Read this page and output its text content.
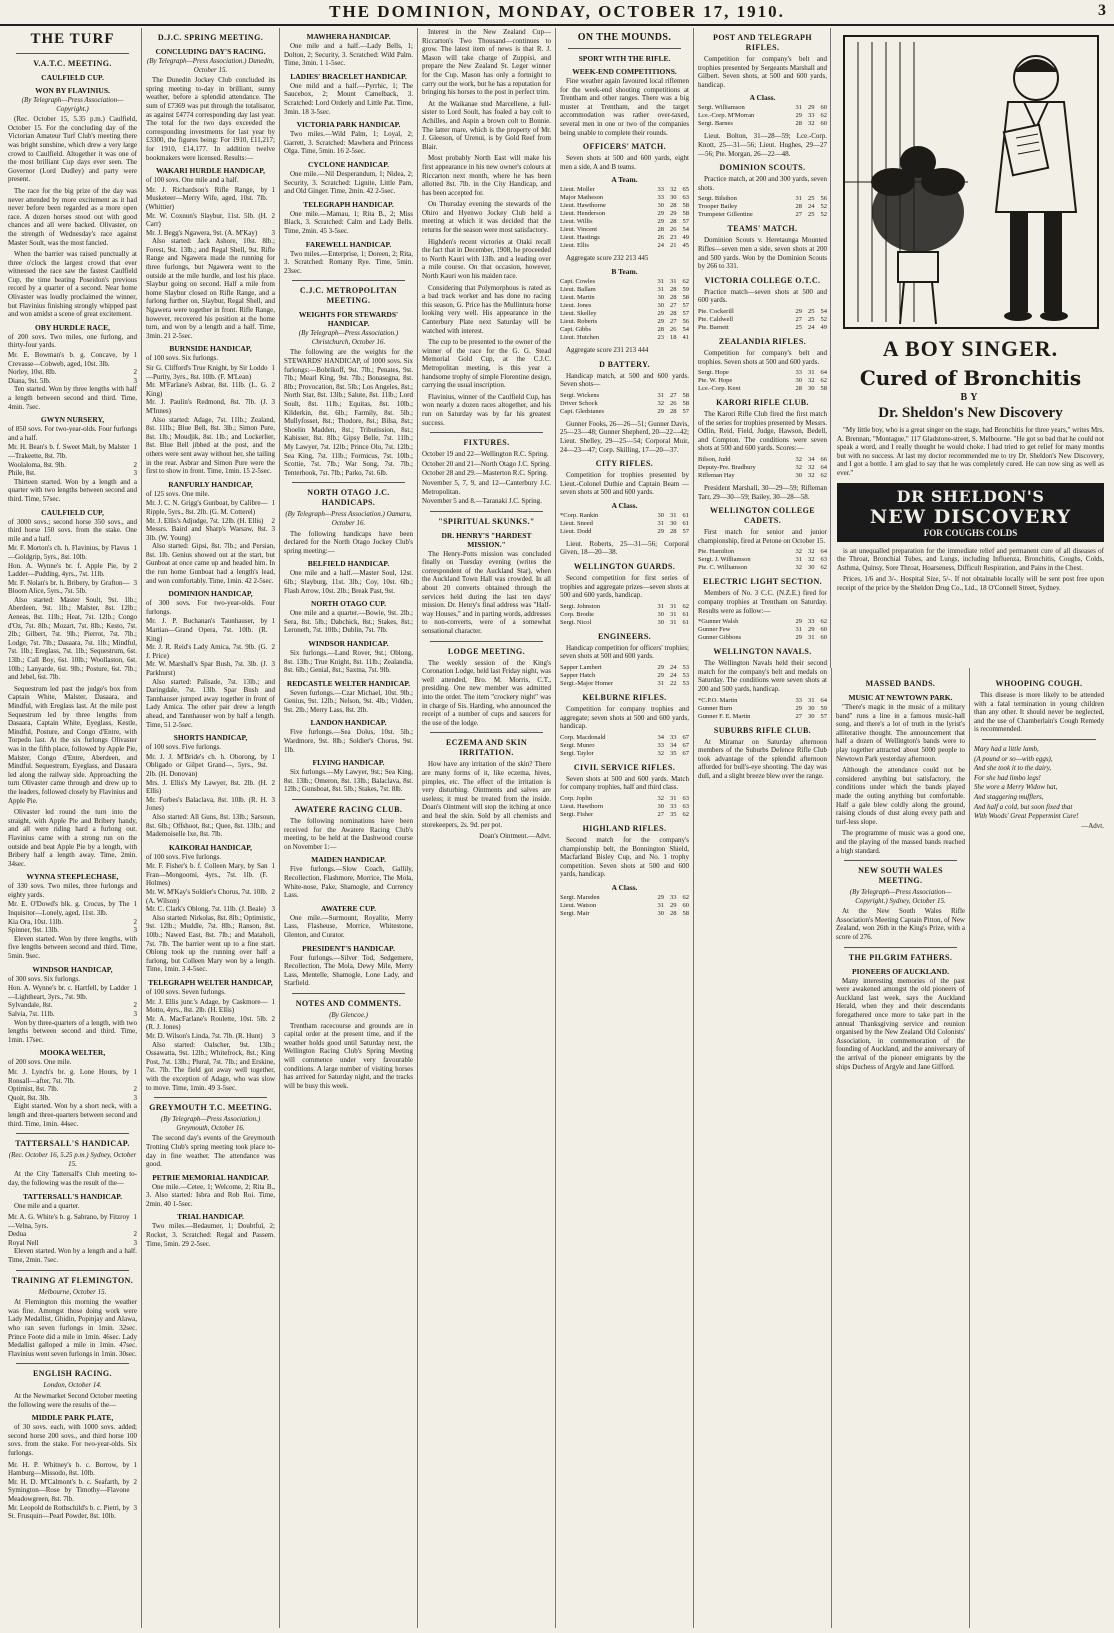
THE DOMINION, MONDAY, OCTOBER 17, 1910.	3
THE TURF
V.A.T.C. MEETING.
CAULFIELD CUP.
WON BY FLAVINIUS.

(By Telegraph—Press Association—Copyright.)

(Rec. October 15, 5.35 p.m.) Caulfield, October 15. For the concluding day of the Victorian Amateur Turf Club's meeting there was bright sunshine, which drew a very large crowd to Caulfield. Altogether it was one of the most brilliant Cup days ever seen. The Governor (Lord Dudley) and party were present.

The race for the big prize of the day was never attended by more excitement as it had never before been regarded as a more open race. A dozen horses stood out with good chances and all were backed. Olivaster, on the strength of Wednesday's race against Master Soult, was the most fancied.

When the barrier was raised punctually at three o'clock the largest crowd that ever witnessed the race saw the fastest Caulfield Cup, the time beating Poseidon's previous record by a quarter of a second. Near home Olivaster was loudly proclaimed the winner, but Flavinius finishing strongly whipped past and won amidst a scene of great excitement.

OBY HURDLE RACE,

of 200 sovs. Two miles, one furlong, and thirty-four yards.

Mr. E. Bowman's b. g. Concave, by Crevasse—Cobweb, aged, 10st. 3lb.
1
Norley, 10st. 8lb.	2
Diana, 9st. 5lb.	3

Ten started. Won by three lengths with half a length between second and third. Time, 4min. 7sec.

GWYN NURSERY,

of 850 sovs. For two-year-olds. Four furlongs and a half.

Mr. H. Bean's b. f. Sweet Malt, by Malster—Trakeette, 8st. 7lb.
1
Woolaloma, 8st. 9lb.	2
Phile, 8st.	3

Thirteen started. Won by a length and a quarter with two lengths between second and third. Time, 57sec.

CAULFIELD CUP,

of 3000 sovs.; second horse 350 sovs., and third horse 150 sovs. from the stake. One mile and a half.

Mr. F. Morton's ch. h. Flavinius, by Flavus—Goldgrip, 5yrs., 8st. 10lb.
1
Hon. A. Wynne's br. f. Apple Pie, by Ladder—Pudding, 4yrs., 7st. 11lb.
2
Mr. F. Nolan's br. h. Bribery, by Grafton—Bloom Alice, 5yrs., 7st. 5lb.
3

Also started: Master Soult, 9st. 1lb.; Aberdeen, 9st. 1lb.; Malster, 8st. 12lb.; Aeneas, 8st. 11lb.; Heat, 7st. 12lb.; Congo d'Oz, 7st. 8lb.; Mozart, 7st. 8lb.; Kesto, 7st. 2lb.; Gilbert, 7st. 9lb.; Pierrot, 7st. 7lb.; Lodge, 7st. 7lb.; Dasaara, 7st. 1lb.; Mindful, 7st. 1lb.; Ereglass, 7st. 1lb.; Sequestrum, 6st. 13lb.; Call Boy, 6st. 10lb.; Woollaston, 6st. 10lb.; Lanyarde, 6st. 9lb.; Posture, 6st. 7lb.; and Jebel, 6st. 7lb.

Sequestrum led past the judge's box from Captain White, Malster, Dasaara, and Mindful, with Ereglass last. At the mile post Sequestrum led by three lengths from Dasaara, Captain White, Eyeglass, Kestle, Mindful, Posture, and Congo d'Entre, with Torpedo last. At the six furlongs Olivaster was in the fifth place, followed by Apple Pie, Malster, Congo d'Entre, Aberdeen, and Mindful. Sequestrum, Eyeglass, and Dasaara led along the railway side. Approaching the turn Olivaster came through and drew up to the leaders, followed closely by Flavinius and Apple Pie.

Olivaster led round the turn into the straight, with Apple Pie and Bribery handy, and all were riding hard a furlong out. Flavinius came with a strong run on the outside and beat Apple Pie by a length, with Bribery half a length away. Time, 2min. 34sec.

WYNNA STEEPLECHASE,

of 330 sovs. Two miles, three furlongs and eighty yards.

Mr. E. O'Dowd's blk. g. Crocus, by The Inquisitor—Lonely, aged, 11st. 3lb.
1
Kia Ora, 10st. 11lb.	2
Spinner, 9st. 13lb.	3

Eleven started. Won by three lengths, with five lengths between second and third. Time, 5min. 9sec.

WINDSOR HANDICAP,

of 300 sovs. Six furlongs.

Hon. A. Wynne's br. c. Hartfell, by Ladder—Lightheart, 3yrs., 7st. 9lb.
1
Sylvandale, 8st.	2
Salvia, 7st. 11lb.	3

Won by three-quarters of a length, with two lengths between second and third. Time, 1min. 17sec.

MOOKA WELTER,

of 200 sovs. One mile.

Mr. J. Lynch's br. g. Lone Hours, by Ronsall—after, 7st. 7lb.
1
Optimist, 8st. 7lb.	2
Quoit, 8st. 3lb.	3

Eight started. Won by a short neck, with a length and three-quarters between second and third. Time, 1min. 44sec.

TATTERSALL'S HANDICAP.

(Rec. October 16, 5.25 p.m.) Sydney, October 15.

At the City Tattersall's Club meeting to-day, the following was the result of the—

TATTERSALL'S HANDICAP.

One mile and a quarter.

Mr. A. G. White's b. g. Sabrano, by Fitzroy—Velna, 5yrs.
1
Dedua	2
Royal Nell	3

Eleven started. Won by a length and a half. Time, 2min. 7sec.

TRAINING AT FLEMINGTON.

Melbourne, October 15.

At Flemington this morning the weather was fine. Amongst those doing work were Lady Medallist, Ghidin, Popinjay and Alawa, who ran seven furlongs in 1min. 32sec. Prince Foote did a mile in 1min. 46sec. Lady Medallist galloped a mile in 1min. 47sec. Flavinius went seven furlongs in 1min. 30sec.

ENGLISH RACING.

London, October 14.

At the Newmarket Second October meeting the following were the results of the—

MIDDLE PARK PLATE,

of 30 sovs. each, with 1000 sovs. added; second horse 200 sovs., and third horse 100 sovs. from the stake. For two-year-olds. Six furlongs.

Mr. H. P. Whitney's b. c. Borrow, by Hamburg—Missodo, 8st. 10lb.
1
Mr. H. D. M'Calmont's b. c. Seafarth, by Symington—Rose by Timothy—Flavone Meadowgreen, 8st. 7lb.
2
Mr. Leopold de Rothschild's b. c. Pietri, by St. Frusquin—Pearl Powder, 8st. 10lb.
3
D.J.C. SPRING MEETING.
CONCLUDING DAY'S RACING.

(By Telegraph—Press Association.) Dunedin, October 15.

The Dunedin Jockey Club concluded its spring meeting to-day in brilliant, sunny weather, before a splendid attendance. The sum of £7369 was put through the totalisator, as against £4774 corresponding day last year. The total for the two days exceeded the corresponding investments for last year by £3300, the figures being: For 1910, £11,217; for 1910, £14,177. In addition twelve bookmakers were licensed. Results:—

WAKARI HURDLE HANDICAP,

of 100 sovs. One mile and a half.

Mr. J. Richardson's Rifle Range, by Musketeer—Merry Wife, aged, 10st. 7lb. (Whittier)
1
Mr. W. Coxnun's Slaybur, 11st. 5lb. (H. Carr)
2
Mr. J. Begg's Ngawera, 9st. (A. M'Kay)	3

Also started: Jack Ashore, 10st. 8lb.; Forest, 9st. 13lb.; and Regal Shell, 9st. Rifle Range and Ngawera made the running for three furlongs, but Ngawera went to the outside at the mile hurdle, and lost his place. Slaybur going on second. Half a mile from home Slaybur closed on Rifle Range, and a furlong further on, Slaybur, Regal Shell, and Ngawera were together in front. Rifle Range, however, recovered his position at the home turn, and won by a length and a half. Time, 3min. 21 2-5sec.

BURNSIDE HANDICAP,

of 100 sovs. Six furlongs.

Sir G. Clifford's True Knight, by Sir Loddo—Purity, 3yrs., 8st. 10lb. (F. M'Lean)
1
Mr. M'Farlane's Asbrar, 8st. 11lb. (L. G. King)
2
Mr. J. Paulin's Redmond, 8st. 7lb. (J. M'Innes)
3

Also started: Adage, 7st. 11lb.; Zealand, 8st. 11lb.; Blue Bell, 8st. 3lb.; Simon Pure, 8st. 1lb.; Moudjik, 8st. 1lb.; and Lockerlier, 8st. Blue Bell jibbed at the post, and the others were sent away without her, she tailing in the rear. Asbrar and Simon Pure were the first to show in front. Time, 1min. 15 2-5sec.

RANFURLY HANDICAP,

of 125 sovs. One mile.

Mr. J. C. N. Grigg's Gunboat, by Calibre—Ripple, 5yrs., 8st. 2lb. (G. M. Cotterel)
1
Mr. J. Ellis's Adjudge, 7st. 12lb. (H. Ellis)	2
Messrs. Baird and Sharp's Warsaw, 8st. 3lb. (W. Young)
3

Also started: Gipsi, 8st. 7lb.; and Persian, 8st. 1lb. Genius showed out at the start, but Gunboat at once came up and headed him. In the run home Gunboat had a length's lead, and won comfortably. Time, 1min. 42 2-5sec.

DOMINION HANDICAP,

of 300 sovs. For two-year-olds. Four furlongs.

Mr. J. P. Buchanan's Taunhauser, by Martian—Grand Opera, 7st. 10lb. (R. King)
1
Mr. J. R. Reid's Lady Amica, 7st. 9lb. (G. J. Price)
2
Mr. W. Marshall's Spar Bush, 7st. 3lb. (J. Parkhurst)
3

Also started: Palisade, 7st. 13lb.; and Daringdale, 7st. 13lb. Spar Bush and Tannhauser jumped away together in front of Lady Amica. The other pair drew a length ahead, and Tannhauser won by half a length. Time, 51 2-5sec.

SHORTS HANDICAP,

of 100 sovs. Five furlongs.

Mr. J. J. M'Bride's ch. h. Oborong, by Obligado or Gilpet Grand—, 5yrs., 9st. 2lb. (H. Donovan)
1
Mrs. J. Ellis's My Lawyer, 8st. 2lb. (H. Ellis)
2
Mr. Forbes's Balaclava, 8st. 10lb. (R. H. Jones)
3

Also started: All Guns, 8st. 13lb.; Sarsoun, 8st. 6lb.; Offshoot, 8st.; Quee, 8st. 13lb.; and Mademoiselle Ixe, 8st. 7lb.

KAIKORAI HANDICAP,

of 100 sovs. Five furlongs.

Mr. F. Fisher's b. f. Colleen Mary, by San Fran—Mongoomi, 4yrs., 7st. 1lb. (F. Holmes)
1
Mr. W. M'Kay's Soldier's Chorus, 7st. 10lb. (A. Wilson)
2
Mr. C. Clark's Oblong, 7st. 11lb. (J. Beale) 3

Also started: Nirkolas, 8st. 8lb.; Optimistic, 9st. 12lb.; Muddle, 7st. 8lb.; Ranson, 8st. 10lb.; Nawed East, 8st. 7lb.; and Mataholi, 7st. 7lb. The barrier went up to a fine start. Oblong took up the running over half a furlong, but Colleen Mary won by a length. Time, 1min. 3 4-5sec.

TELEGRAPH WELTER HANDICAP,

of 100 sovs. Seven furlongs.

Mr. J. Ellis junr.'s Adage, by Caskmore—Motto, 4yrs., 8st. 2lb. (H. Ellis)
1
Mr. A. MacFarlane's Roulette, 10st. 5lb. (R. J. Jones)
2
Mr. D. Wilson's Linda, 7st. 7lb. (R. Hunt)	3

Also started: Oalscher, 9st. 13lb.; Ossawatta, 9st. 12lb.; Whitefrock, 8st.; King Post, 7st. 13lb.; Plural, 7st. 7lb.; and Erskine, 7st. 7lb. The field got away well together, with the exception of Adage, who was slow to move. Time, 1min. 49 3-5sec.

GREYMOUTH T.C. MEETING.

(By Telegraph—Press Association.) Greymouth, October 16.

The second day's events of the Greymouth Trotting Club's spring meeting took place to-day in fine weather. The attendance was good.

PETRIE MEMORIAL HANDICAP.

One mile.—Cetee, 1; Welcome, 2; Rita B., 3. Also started: Isbra and Rob Roi. Time, 2min. 40 1-5sec.

TRIAL HANDICAP.

Two miles.—Bedaumer, 1; Doubtful, 2; Rocket, 3. Scratched: Regal and Passem. Time, 5min. 29 2-5sec.

MAWHERA HANDICAP.

One mile and a half.—Lady Bells, 1; Dolton, 2; Security, 3. Scratched: Wild Palm. Time, 3min. 1 1-5sec.

LADIES' BRACELET HANDICAP.

One mild and a half.—Pyrrhic, 1; The Saucebox, 2; Mount Camelback, 3. Scratched: Lord Orderly and Little Pat. Time, 3min. 18 3-5sec.

VICTORIA PARK HANDICAP.

Two miles.—Wild Palm, 1; Loyal, 2; Garrett, 3. Scratched: Mawhera and Princess Olga. Time, 5min. 16 2-5sec.

CYCLONE HANDICAP.

One mile.—Nil Desperandum, 1; Nidea, 2; Security, 3. Scratched: Lignite, Little Pam, and Old Ginger. Time, 2min. 42 2-5sec.

TELEGRAPH HANDICAP.

One mile.—Mamau, 1; Rita B., 2; Miss Black, 3. Scratched: Calm and Lady Bells. Time, 2min. 45 3-5sec.

FAREWELL HANDICAP.

Two miles.—Enterprise, 1; Doreen, 2; Rita, 3. Scratched: Romany Rye. Time, 5min. 23sec.

C.J.C. METROPOLITAN MEETING.
WEIGHTS FOR STEWARDS' HANDICAP.

(By Telegraph—Press Association.) Christchurch, October 16.

The following are the weights for the STEWARDS' HANDICAP, of 1000 sovs. Six furlongs:—Bobrikoff, 9st. 7lb.; Penates, 9st. 7lb.; Mearl King, 9st. 7lb.; Bonasegna, 8st. 8lb.; Provocation, 8st. 5lb.; Los Angeles, 8st.; North Star, 8st. 13lb.; Salute, 8st. 11lb.; Lord Soult, 8st. 11lb.; Equitas, 8st. 10lb.; Kilderkin, 8st. 6lb.; Farmily, 8st. 5lb.; Mullyfosset, 8st.; Thodore, 8st.; Bilsa, 8st.; Shoelin Madden, 8st.; Tributission, 8st.; Kabisser, 8st. 8lb.; Gipsy Belle, 7st. 11lb.; My Lawyer, 7st. 12lb.; Prince Olo, 7st. 12lb.; Sea King, 7st. 11lb.; Formicus, 7st. 10lb.; Scottie, 7st. 7lb.; War Song, 7st. 7lb.; Tenterhook, 7st. 7lb.; Parko, 7st. 6lb.

NORTH OTAGO J.C. HANDICAPS.

(By Telegraph—Press Association.) Oamaru, October 16.

The following handicaps have been declared for the North Otago Jockey Club's spring meeting:—

BELFIELD HANDICAP.

One mile and a half.—Master Soul, 12st. 6lb.; Slayburg, 11st. 3lb.; Coy, 10st. 6lb.; Flash Arrow, 10st. 2lb.; Break Past, 9st.

NORTH OTAGO CUP.

One mile and a quarter.—Bowie, 9st. 2lb.; Sera, 8st. 5lb.; Dabchick, 8st.; Stakes, 8st.; Leroneth, 7st. 10lb.; Dublin, 7st. 7lb.

WINDSOR HANDICAP.

Six furlongs.—Land Rover, 9st.; Oblong, 8st. 13lb.; True Knight, 8st. 11lb.; Zealandia, 8st. 6lb.; Genial, 8st.; Saxtna, 7st. 9lb.

REDCASTLE WELTER HANDICAP.

Seven furlongs.—Czar Michael, 10st. 9lb.; Genius, 9st. 12lb.; Nelson, 9st. 4lb.; Vidden, 9st. 2lb.; Merry Lass, 8st. 2lb.

LANDON HANDICAP.

Five furlongs.—Sea Dolus, 10st. 5lb.; Wardmore, 9st. 8lb.; Soldier's Chorus, 9st. 1lb.

FLYING HANDICAP.

Six furlongs.—My Lawyer, 9st.; Sea King, 8st. 13lb.; Omeron, 8st. 13lb.; Balaclava, 8st. 12lb.; Gunsboat, 8st. 5lb.; Stakes, 7st. 8lb.

AWATERE RACING CLUB.

The following nominations have been received for the Awatere Racing Club's meeting, to be held at the Dashwood course on November 1:—

MAIDEN HANDICAP.

Five furlongs.—Slow Coach, Gallily, Recollection, Flashmore, Morrice, The Mola, White-nose, Pake, Shamogle, and Currency Lass.

AWATERE CUP.

One mile.—Surmount, Royalite, Merry Lass, Flasheuse, Morrice, Whitestone, Glenton, and Curator.

PRESIDENT'S HANDICAP.

Four furlongs.—Silver Tod, Sedgemere, Recollection, The Mola, Dewy Mile, Merry Lass, Mentelle, Shamogle, Lone Lady, and Starfield.

NOTES AND COMMENTS.

(By Glencoe.)

Trentham racecourse and grounds are in capital order at the present time, and if the weather holds good until Saturday next, the Wellington Racing Club's Spring Meeting will commence under very favourable conditions. A large number of visiting horses has arrived for Saturday night, and the tracks will be busy this week.

Interest in the New Zealand Cup—Riccarton's Two Thousand—continues to grow. The latest item of news is that R. J. Mason will take charge of Zuppisi, and prepare the New Zealand St. Leger winner for the Cup. Mason has only a fortnight to carry out the work, but he has a reputation for bringing his horses to the post in perfect trim.

At the Waikanae stud Marcellene, a full-sister to Lord Soult, has foaled a bay colt to Achilles, and Aspin a brown colt to Bonnie. The latter mare, which is the property of Mr. J. Gleeson, of Urenui, is by Gold Reef from Blair.

Most probably North East will make his first appearance in his new owner's colours at Riccarton next month, where he has been allotted 8st. 7lb. in the City Handicap, and has been accepted for.

On Thursday evening the stewards of the Ohiro and Hyenwo Jockey Club held a meeting at which it was decided that the returns for the season were most satisfactory.

Highden's recent victories at Otaki recall the fact that in December, 1908, he proceeded to North Kauri with 13lb. and a leading over a mile course. On that occasion, however, North Kauri won his maiden race.

Considering that Polymorphous is rated as a bad track worker and has done no racing this season, G. Price has the Mullintura horse looking very well. His appearance in the Canterbury Plate next Saturday will be watched with interest.

The cup to be presented to the owner of the winner of the race for the G. G. Stead Memorial Gold Cup, at the C.J.C. Metropolitan meeting, is this year a handsome trophy of simple Florentine design, carrying the usual inscription.

Flavinius, winner of the Caulfield Cup, has won nearly a dozen races altogether, and his run on Saturday was by far his greatest success.

FIXTURES.

October 19 and 22—Wellington R.C. Spring.

October 20 and 21—North Otago J.C. Spring.

October 28 and 29.—Masterton R.C. Spring.

November 5, 7, 9, and 12—Canterbury J.C. Metropolitan.

November 5 and 8.—Taranaki J.C. Spring.

"SPIRITUAL SKUNKS."
DR. HENRY'S "HARDEST MISSION."

The Henry-Potts mission was concluded finally on Tuesday evening (writes the correspondent of the Auckland Star), when the Auckland Town Hall was crowded. In all about 20 converts obtained through the services held during the last ten days' mission. Dr. Henry's final address was "Half-way Houses," and in parting words, addresses to non-converts, were of a somewhat sensational character.

LODGE MEETING.

The weekly session of the King's Coronation Lodge, held last Friday night, was well attended, Bro. M. Morris, C.T., presiding. One new member was admitted into the order. The item "crockery night" was in charge of Sis. Harding, who announced the receipt of a number of cups and saucers for the use of the lodge.

ECZEMA AND SKIN IRRITATION.

How have any irritation of the skin? There are many forms of it, like eczema, hives, pimples, etc. The effect of the irritation is very disturbing. Ointments and salves are useless; it must be treated from the inside. Doan's Ointment will stop the itching at once and heal the skin. Sold by all chemists and storekeepers, 2s. 9d. per pot.

Doan's Ointment.—Advt.

ON THE MOUNDS.
SPORT WITH THE RIFLE.
WEEK-END COMPETITIONS.

Fine weather again favoured local riflemen for the week-end shooting competitions at Trentham and other ranges. There was a big muster at Trentham, and the target accommodation was rather over-taxed, several men in one or two of the companies being unable to complete their rounds.

OFFICERS' MATCH.

Seven shots at 500 and 600 yards, eight men a side, A and B teams.

A Team.
Lieut. Moller	33 32 65
Major Matheson	33 30 63
Lieut. Hawthorne	30 28 58
Lieut. Henderson	29 29 58
Lieut. Willis	29 28 57
Lieut. Vincent	28 26 54
Lieut. Hastings	26 23 49
Lieut. Ellis	24 21 45

Aggregate score 232 213 445

B Team.
Capt. Cowles	31 31 62
Lieut. Ballam	31 28 59
Lieut. Martin	30 28 58
Lieut. Jones	30 27 57
Lieut. Skelley	29 28 57
Lieut. Roberts	29 27 56
Capt. Gibbs	28 26 54
Lieut. Hutchen	23 18 41

Aggregate score 231 213 444

D BATTERY.

Handicap match, at 500 and 600 yards. Seven shots—

Sergt. Wickens	31 27 58
Driver Schock	32 26 58
Capt. Gledstanes	29 28 57

Gunner Fooks, 26—26—51; Gunner Davis, 25—23—48; Gunner Shepherd, 20—22—42; Lieut. Shelley, 29—25—54; Corporal Muir, 24—23—47; Corp. Skilling, 17—20—37.

CITY RIFLES.

Competition for trophies presented by Lieut.-Colonel Duthie and Captain Beam —seven shots at 500 and 600 yards.

A Class.
*Corp. Rankin	30 31 61
Lieut. Sneed	31 30 61
Lieut. Dodd	29 28 57

Lieut. Roberts, 25—31—56; Corporal Given, 18—20—38.

WELLINGTON GUARDS.

Second competition for first series of trophies and aggregate prizes—seven shots at 500 and 600 yards, handicap.

Sergt. Johnston	31 31 62
Corp. Brodie	30 31 61
Sergt. Nicol	30 31 61
ENGINEERS.

Handicap competition for officers' trophies; seven shots at 500 and 600 yards.

Sapper Lambert	29 24 53
Sapper Hatch	29 24 53
Sergt.-Major Homer	31 22 53
KELBURNE RIFLES.

Competition for company trophies and aggregate; seven shots at 500 and 600 yards, handicap.

Corp. Macdonald	34 33 67
Sergt. Munro	33 34 67
Sergt. Taylor	32 35 67
CIVIL SERVICE RIFLES.

Seven shots at 500 and 600 yards. Match for company trophies, half and third class.

Corp. Joplin	32 31 63
Lieut. Hawthorn	30 33 63
Sergt. Fisher	27 35 62
HIGHLAND RIFLES.

Second match for the company's championship belt, the Bonnington Shield, Macfarland Bisley Cup, and No. 1 trophy competition. Seven shots at 500 and 600 yards, handicap.

A Class.
Sergt. Marsden	29 33 62
Lieut. Watson	31 29 60
Sergt. Mair	30 28 58
POST AND TELEGRAPH RIFLES.

Competition for company's belt and trophies presented by Sergeants Marshall and Gilbert. Seven shots, at 500 and 600 yards, handicap.

A Class.
Sergt. Williamson	31 29 60
Lce.-Corp. M'Morran	29 33 62
Sergt. Barnes	28 32 60

Lieut. Bolton, 31—28—59; Lce.-Corp. Knott, 25—31—56; Lieut. Hughes, 29—27—56; Pte. Morgan, 26—22—48.

DOMINION SCOUTS.

Practice match, at 200 and 300 yards, seven shots.

Sergt. Bilsthon	31 25 56
Trooper Bailey	28 24 52
Trumpeter Gillentine	27 25 52
TEAMS' MATCH.

Dominion Scouts v. Heretaunga Mounted Rifles—seven men a side, seven shots at 200 and 500 yards. Won by the Dominion Scouts by 266 to 331.

VICTORIA COLLEGE O.T.C.

Practice match—seven shots at 500 and 600 yards.

Pte. Cockerill	29 25 54
Pte. Caldwell	27 25 52
Pte. Barnett	25 24 49
ZEALANDIA RIFLES.

Competition for company's belt and trophies. Seven shots at 500 and 600 yards.

Sergt. Hope	33 31 64
Pte. W. Hope	30 32 62
Lce.-Corp. Kent	28 30 58
KARORI RIFLE CLUB.

The Karori Rifle Club fired the first match of the series for trophies presented by Messrs. Odlin, Reid, Field, Judge, Hawson, Bedell, and Compton. The conditions were seven shots at 500 and 600 yards. Scores:—

Bilson, Judd	32 34 66
Deputy-Pre. Bradbury	32 32 64
Rifleman Hay	30 32 62

President Marshall, 30—29—59; Rifleman Tarr, 29—30—59; Bailey, 30—28—58.

WELLINGTON COLLEGE CADETS.

First match for senior and junior championship, fired at Petone on October 15.

Pte. Hamilton	32 32 64
Sergt. J. Williamson	31 32 63
Pte. C. Williamson	32 30 62
ELECTRIC LIGHT SECTION.

Members of No. 3 C.C. (N.Z.E.) fired for company trophies at Trentham on Saturday. Results were as follow:—

*Gunner Walsh	29 33 62
Gunner Few	31 29 60
Gunner Gibbons	29 31 60
WELLINGTON NAVALS.

The Wellington Navals held their second match for the company's belt and medals on Saturday. The conditions were seven shots at 200 and 500 yards, handicap.

*C.P.O. Martin	33 31 64
Gunner Burn	29 30 59
Gunner F. E. Martin	27 30 57
SUBURBS RIFLE CLUB.

At Miramar on Saturday afternoon members of the Suburbs Defence Rifle Club took advantage of the splendid afternoon afforded for bull's-eye shooting. The day was dull, and a slight breeze blew over the range.

MASSED BANDS.
MUSIC AT NEWTOWN PARK.

"There's magic in the music of a military band" runs a line in a famous music-hall song, and there's a lot of truth in the lyrist's alliterative thought. The announcement that half a dozen of Wellington's bands were to play together attracted about 5000 people to Newtown Park yesterday afternoon.

Although the attendance could not be considered anything but satisfactory, the conditions under which the bands played made the outing anything but comfortable. Half a gale blew coldly along the ground, raising clouds of dust along every path and turf-less slope.

The programme of music was a good one, and the playing of the massed bands reached a high standard.

NEW SOUTH WALES MEETING.

(By Telegraph—Press Association—Copyright.) Sydney, October 15.

At the New South Wales Rifle Association's Meeting Captain Pitton, of New Zealand, won 26th in the King's Prize, with a score of 276.

THE PILGRIM FATHERS.
PIONEERS OF AUCKLAND.

Many interesting memories of the past were awakened amongst the old pioneers of Auckland last week, says the Auckland Herald, when they and their descendants foregathered once more to take part in the annual Thanksgiving service and reunion organised by the New Zealand Old Colonists' Association, in commemoration of the founding of Auckland, and the anniversary of the arrival of the pioneer emigrants by the ships Duchess of Argyle and Jane Gifford.

WHOOPING COUGH.

This disease is more likely to be attended with a fatal termination in young children than any other. It should never be neglected, and the use of Chamberlain's Cough Remedy is recommended.

Mary had a little lamb,

(A pound or so—with eggs),

And she took it to the dairy,

For she had limbo legs!

She wore a Merry Widow hat,

And staggering mufflers,

And half a cold, but soon fixed that

With Woods' Great Peppermint Cure!

—Advt.

A BOY SINGER.
Cured of Bronchitis
BY
Dr. Sheldon's New Discovery

"My little boy, who is a great singer on the stage, had Bronchitis for three years," writes Mrs. A. Brennan, "Montague," 117 Gladstone-street, S. Melbourne. "He got so bad that he could not speak a word, and I really thought he would choke. I had tried to get relief for many months but with no success. At last my doctor recommended me to try Dr. Sheldon's New Discovery, and I got a bottle. I am glad to say that he was completely cured. He can now sing as well as ever."

DR SHELDON'S
NEW DISCOVERY
FOR COUGHS COLDS

is an unequalled preparation for the immediate relief and permanent cure of all diseases of the Throat, Bronchial Tubes, and Lungs, including Influenza, Bronchitis, Coughs, Colds, Asthma, Quinsy, Sore Throat, Hoarseness, Difficult Respiration, and Pains in the Chest.

Prices, 1/6 and 3/-. Hospital Size, 5/-. If not obtainable locally will be sent post free upon receipt of the price by the Sheldon Drug Co., Ltd., 18 O'Connell Street, Sydney.
